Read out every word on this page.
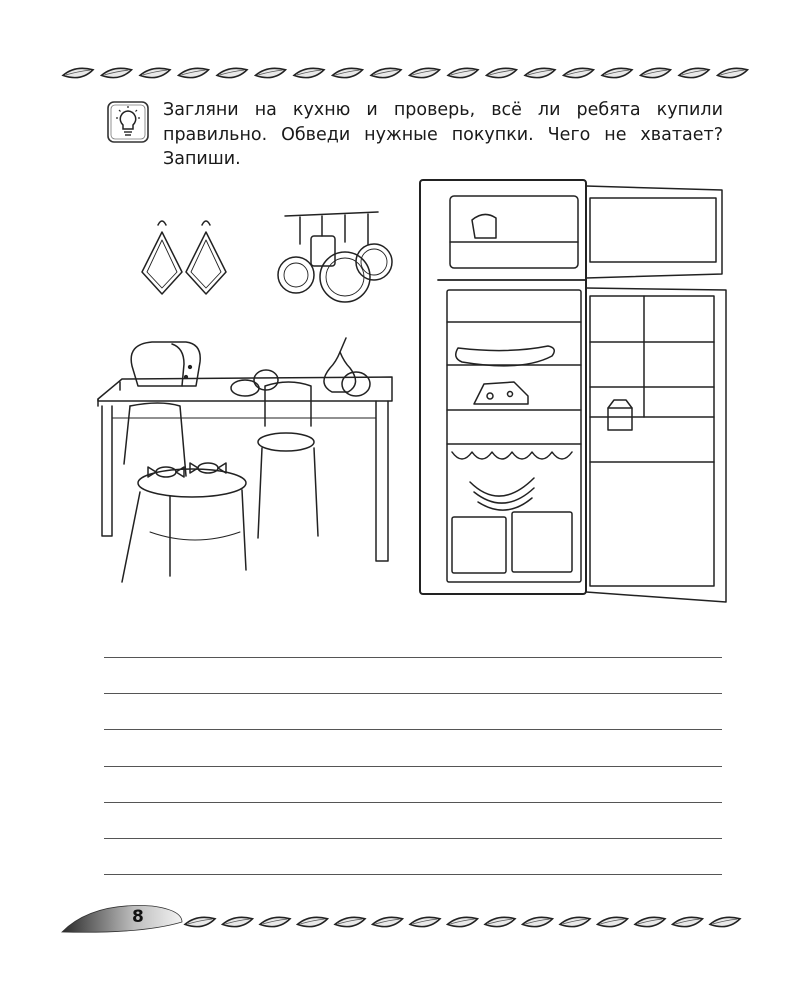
Загляни на кухню и проверь, всё ли ребята купили правильно. Обведи нужные покупки. Чего не хватает? Запиши.
8
